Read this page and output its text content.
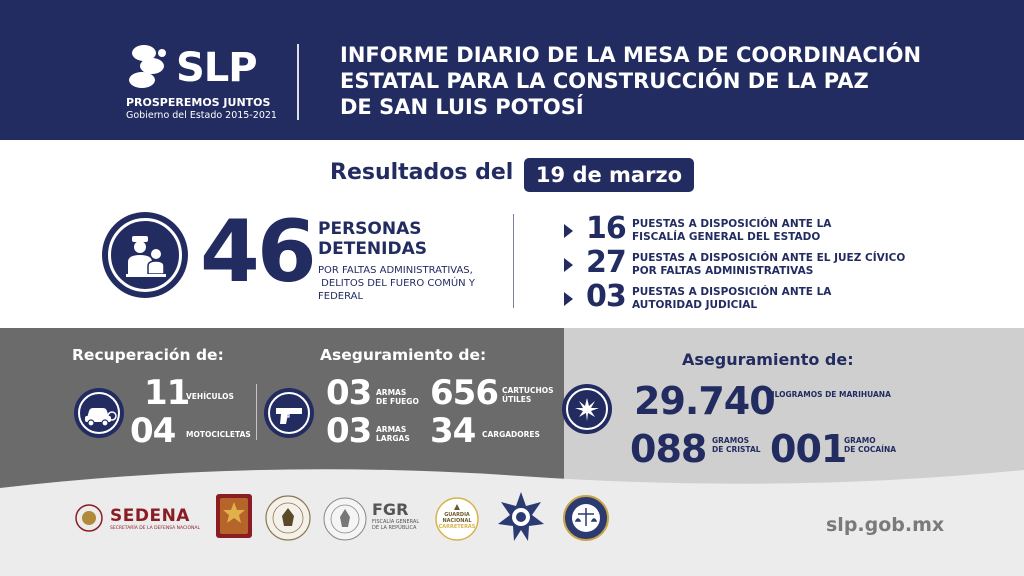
SLP
PROSPEREMOS JUNTOS
Gobierno del Estado 2015-2021
INFORME DIARIO DE LA MESA DE COORDINACIÓN
ESTATAL PARA LA CONSTRUCCIÓN DE LA PAZ
DE SAN LUIS POTOSÍ
Resultados del	19 de marzo
46 PERSONAS
DETENIDAS
POR FALTAS ADMINISTRATIVAS,
DELITOS DEL FUERO COMÚN Y
FEDERAL
16 PUESTAS A DISPOSICIÓN ANTE LA
FISCALÍA GENERAL DEL ESTADO
27 PUESTAS A DISPOSICIÓN ANTE EL JUEZ CÍVICO
POR FALTAS ADMINISTRATIVAS
03 PUESTAS A DISPOSICIÓN ANTE LA
AUTORIDAD JUDICIAL
Recuperación de:
11
VEHÍCULOS
04 MOTOCICLETAS
Aseguramiento de:
03 ARMAS
DE FUEGO
03 ARMAS
LARGAS
656 CARTUCHOS
ÚTILES
34 CARGADORES
Aseguramiento de:
29.740
KILOGRAMOS DE MARIHUANA
088 GRAMOS
DE CRISTAL 001
GRAMO
DE COCAÍNA
SEDENA
SECRETARÍA DE LA DEFENSA NACIONAL
FGR
FISCALÍA GENERAL
DE LA REPÚBLICA
GUARDIA
NACIONAL
CARRETERAS	slp.gob.mx
